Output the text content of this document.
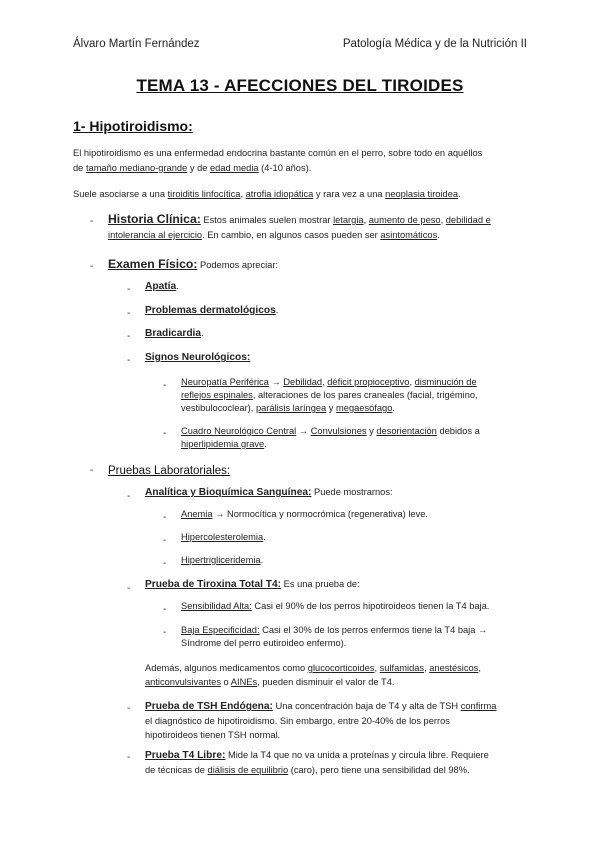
Álvaro Martín Fernández	Patología Médica y de la Nutrición II
TEMA 13 - AFECCIONES DEL TIROIDES
1- Hipotiroidismo:
El hipotiroidismo es una enfermedad endocrina bastante común en el perro, sobre todo en aquéllos
de tamaño mediano-grande y de edad media (4-10 años).
Suele asociarse a una tiroiditis linfocítica, atrofia idiopática y rara vez a una neoplasia tiroidea.
- Historia Clínica: Estos animales suelen mostrar letargia, aumento de peso, debilidad e
intolerancia al ejercicio. En cambio, en algunos casos pueden ser asintomáticos.
- Examen Físico: Podemos apreciar:
- Apatía.
- Problemas dermatológicos.
- Bradicardia.
- Signos Neurológicos:
- Neuropatía Periférica → Debilidad, déficit propioceptivo, disminución de
reflejos espinales, alteraciones de los pares craneales (facial, trigémino,
vestibulococlear), parálisis laríngea y megaesófago.
- Cuadro Neurológico Central → Convulsiones y desorientación debidos a
hiperlipidemia grave.
- Pruebas Laboratoriales:
- Analítica y Bioquímica Sanguínea: Puede mostrarnos:
- Anemia → Normocítica y normocrómica (regenerativa) leve.
- Hipercolesterolemia.
- Hipertrigliceridemia.
- Prueba de Tiroxina Total T4: Es una prueba de:
- Sensibilidad Alta: Casi el 90% de los perros hipotiroideos tienen la T4 baja.
- Baja Especificidad: Casi el 30% de los perros enfermos tiene la T4 baja →
Síndrome del perro eutiroideo enfermo).
Además, algunos medicamentos como glucocorticoides, sulfamidas, anestésicos,
anticonvulsivantes o AINEs, pueden disminuir el valor de T4.
- Prueba de TSH Endógena: Una concentración baja de T4 y alta de TSH confirma
el diagnóstico de hipotiroidismo. Sin embargo, entre 20-40% de los perros
hipotiroideos tienen TSH normal.
- Prueba T4 Libre: Mide la T4 que no va unida a proteínas y circula libre. Requiere
de técnicas de diálisis de equilibrio (caro), pero tiene una sensibilidad del 98%.
